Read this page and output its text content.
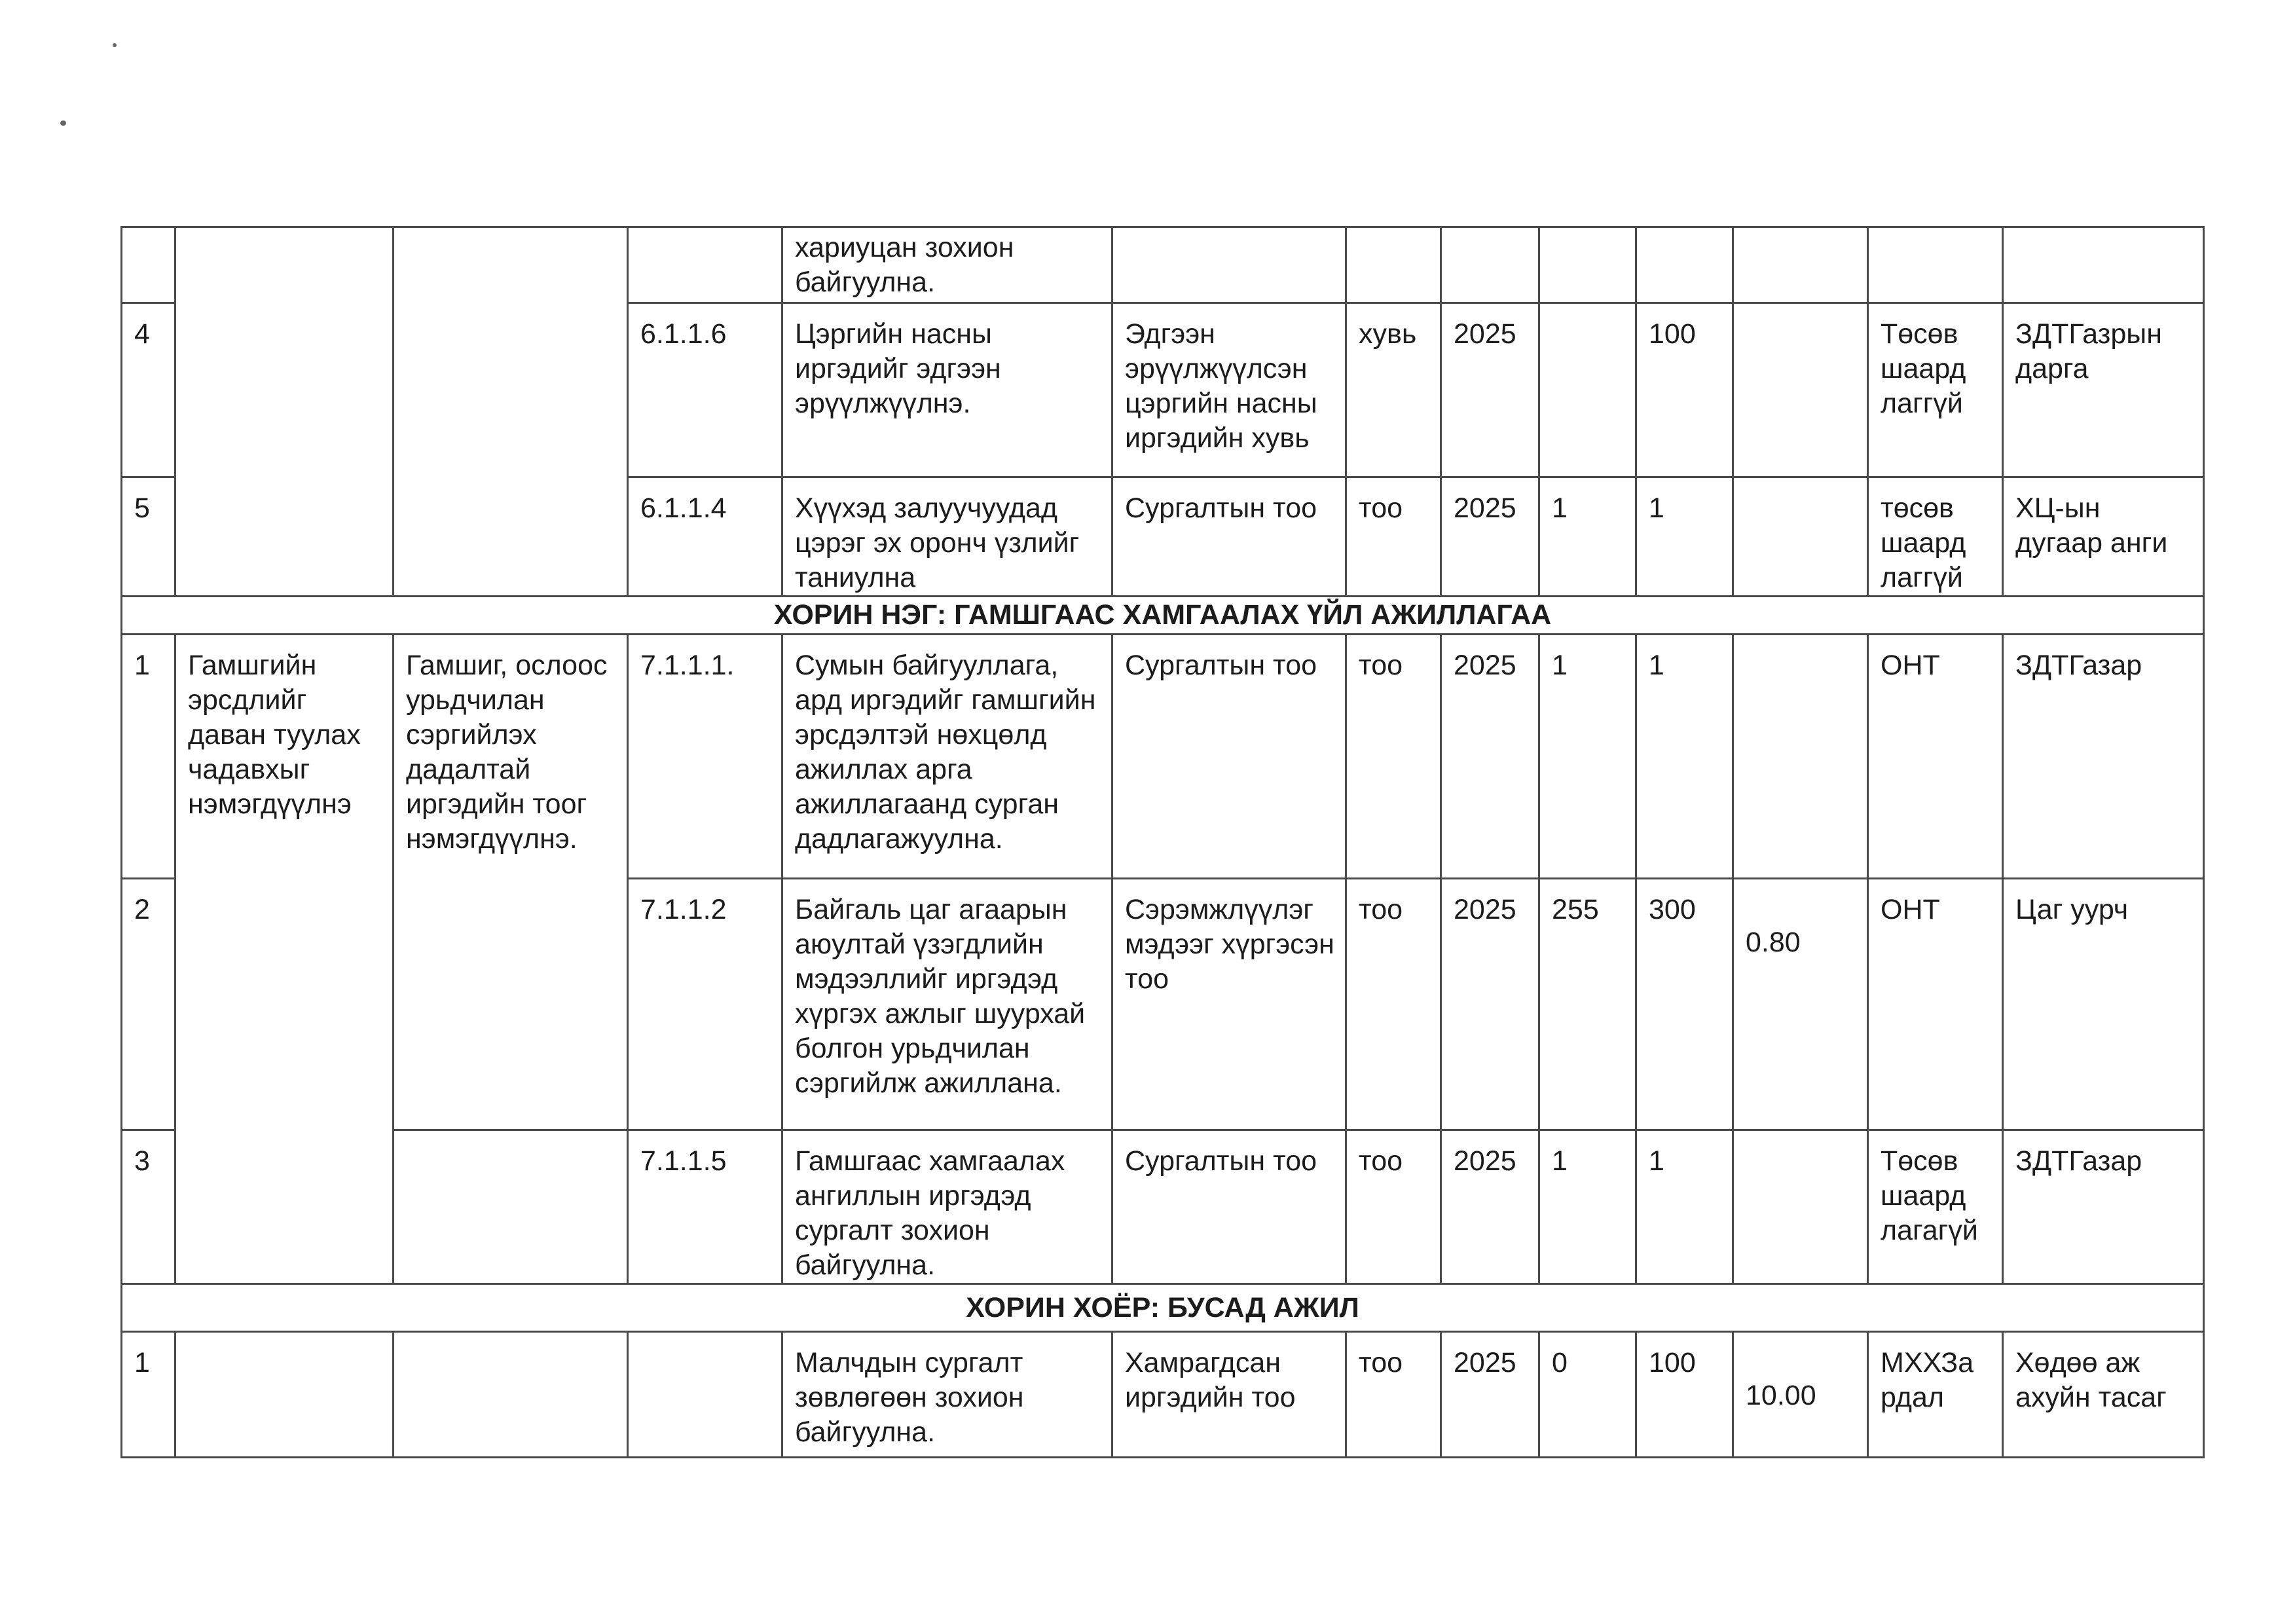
				хариуцан зохион байгуулна.								
4			6.1.1.6	Цэргийн насны иргэдийг эдгээн эрүүлжүүлнэ.	Эдгээн эрүүлжүүлсэн цэргийн насны иргэдийн хувь	хувь	2025		100		Төсөв шаард лаггүй	ЗДТГазрын дарга
5			6.1.1.4	Хүүхэд залуучуудад цэрэг эх оронч үзлийг таниулна	Сургалтын тоо	тоо	2025	1	1		төсөв шаард лаггүй	ХЦ-ын дугаар анги
ХОРИН НЭГ: ГАМШГААС ХАМГААЛАХ ҮЙЛ АЖИЛЛАГАА												
1	Гамшгийн эрсдлийг даван туулах чадавхыг нэмэгдүүлнэ	Гамшиг, ослоос урьдчилан сэргийлэх дадалтай иргэдийн тоог нэмэгдүүлнэ.	7.1.1.1.	Сумын байгууллага, ард иргэдийг гамшгийн эрсдэлтэй нөхцөлд ажиллах арга ажиллагаанд сурган дадлагажуулна.	Сургалтын тоо	тоо	2025	1	1		ОНТ	ЗДТГазар
2			7.1.1.2	Байгаль цаг агаарын аюултай үзэгдлийн мэдээллийг иргэдэд хүргэх ажлыг шуурхай болгон урьдчилан сэргийлж ажиллана.	Сэрэмжлүүлэг мэдээг хүргэсэн тоо	тоо	2025	255	300	0.80	ОНТ	Цаг уурч
3			7.1.1.5	Гамшгаас хамгаалах ангиллын иргэдэд сургалт зохион байгуулна.	Сургалтын тоо	тоо	2025	1	1		Төсөв шаард лагагүй	ЗДТГазар
ХОРИН ХОЁР: БУСАД АЖИЛ												
1				Малчдын сургалт зөвлөгөөн зохион байгуулна.	Хамрагдсан иргэдийн тоо	тоо	2025	0	100	10.00	МХХЗа рдал	Хөдөө аж ахуйн тасаг
